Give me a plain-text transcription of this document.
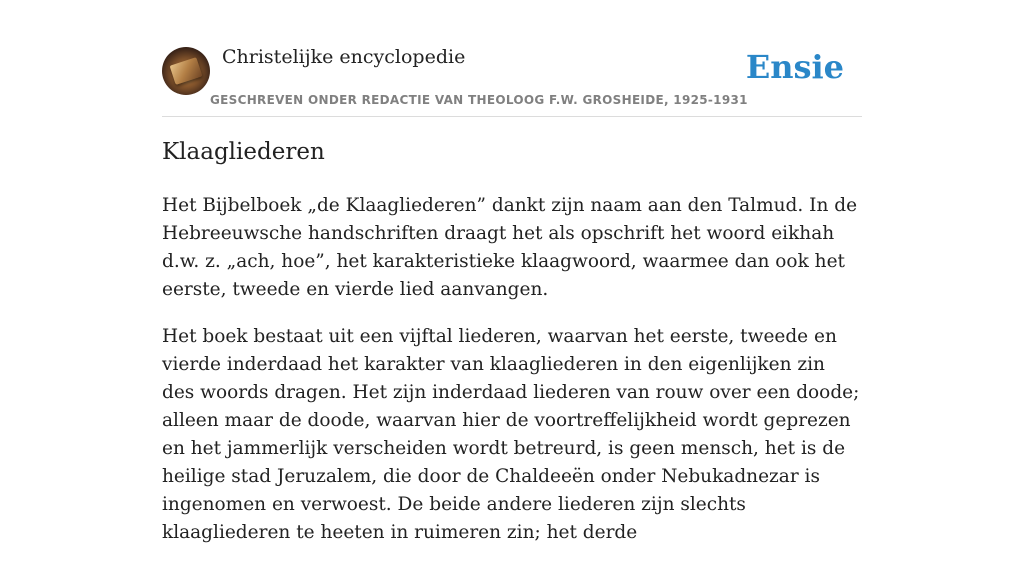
Christelijke encyclopedie
GESCHREVEN ONDER REDACTIE VAN THEOLOOG F.W. GROSHEIDE, 1925-1931
Ensie
Klaagliederen

Het Bijbelboek „de Klaagliederen” dankt zijn naam aan den Talmud. In de Hebreeuwsche handschriften draagt het als opschrift het woord eikhah d.w. z. „ach, hoe”, het karakteristieke klaagwoord, waarmee dan ook het eerste, tweede en vierde lied aanvangen.

Het boek bestaat uit een vijftal liederen, waarvan het eerste, tweede en vierde inderdaad het karakter van klaagliederen in den eigenlijken zin des woords dragen. Het zijn inderdaad liederen van rouw over een doode; alleen maar de doode, waarvan hier de voortreffelijkheid wordt geprezen en het jammerlijk verscheiden wordt betreurd, is geen mensch, het is de heilige stad Jeruzalem, die door de Chaldeeën onder Nebukadnezar is ingenomen en verwoest. De beide andere liederen zijn slechts klaagliederen te heeten in ruimeren zin; het derde
